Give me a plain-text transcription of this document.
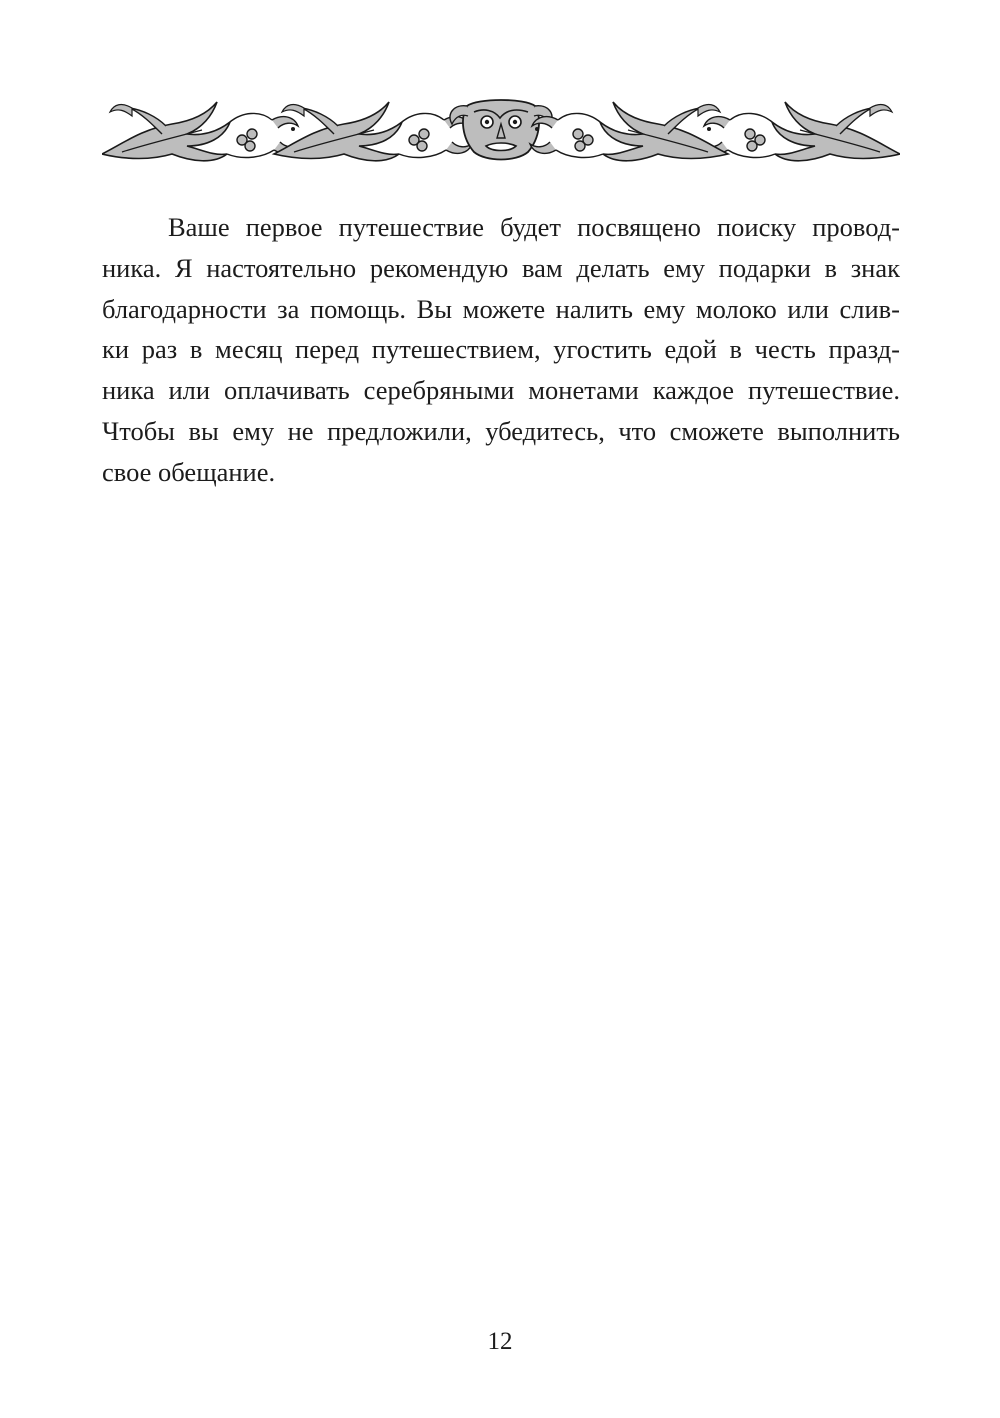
Ваше первое путешествие будет посвящено поиску провод-
ника. Я настоятельно рекомендую вам делать ему подарки в знак
благодарности за помощь. Вы можете налить ему молоко или слив-
ки раз в месяц перед путешествием, угостить едой в честь празд-
ника или оплачивать серебряными монетами каждое путешествие.
Чтобы вы ему не предложили, убедитесь, что сможете выполнить
свое обещание.

12
